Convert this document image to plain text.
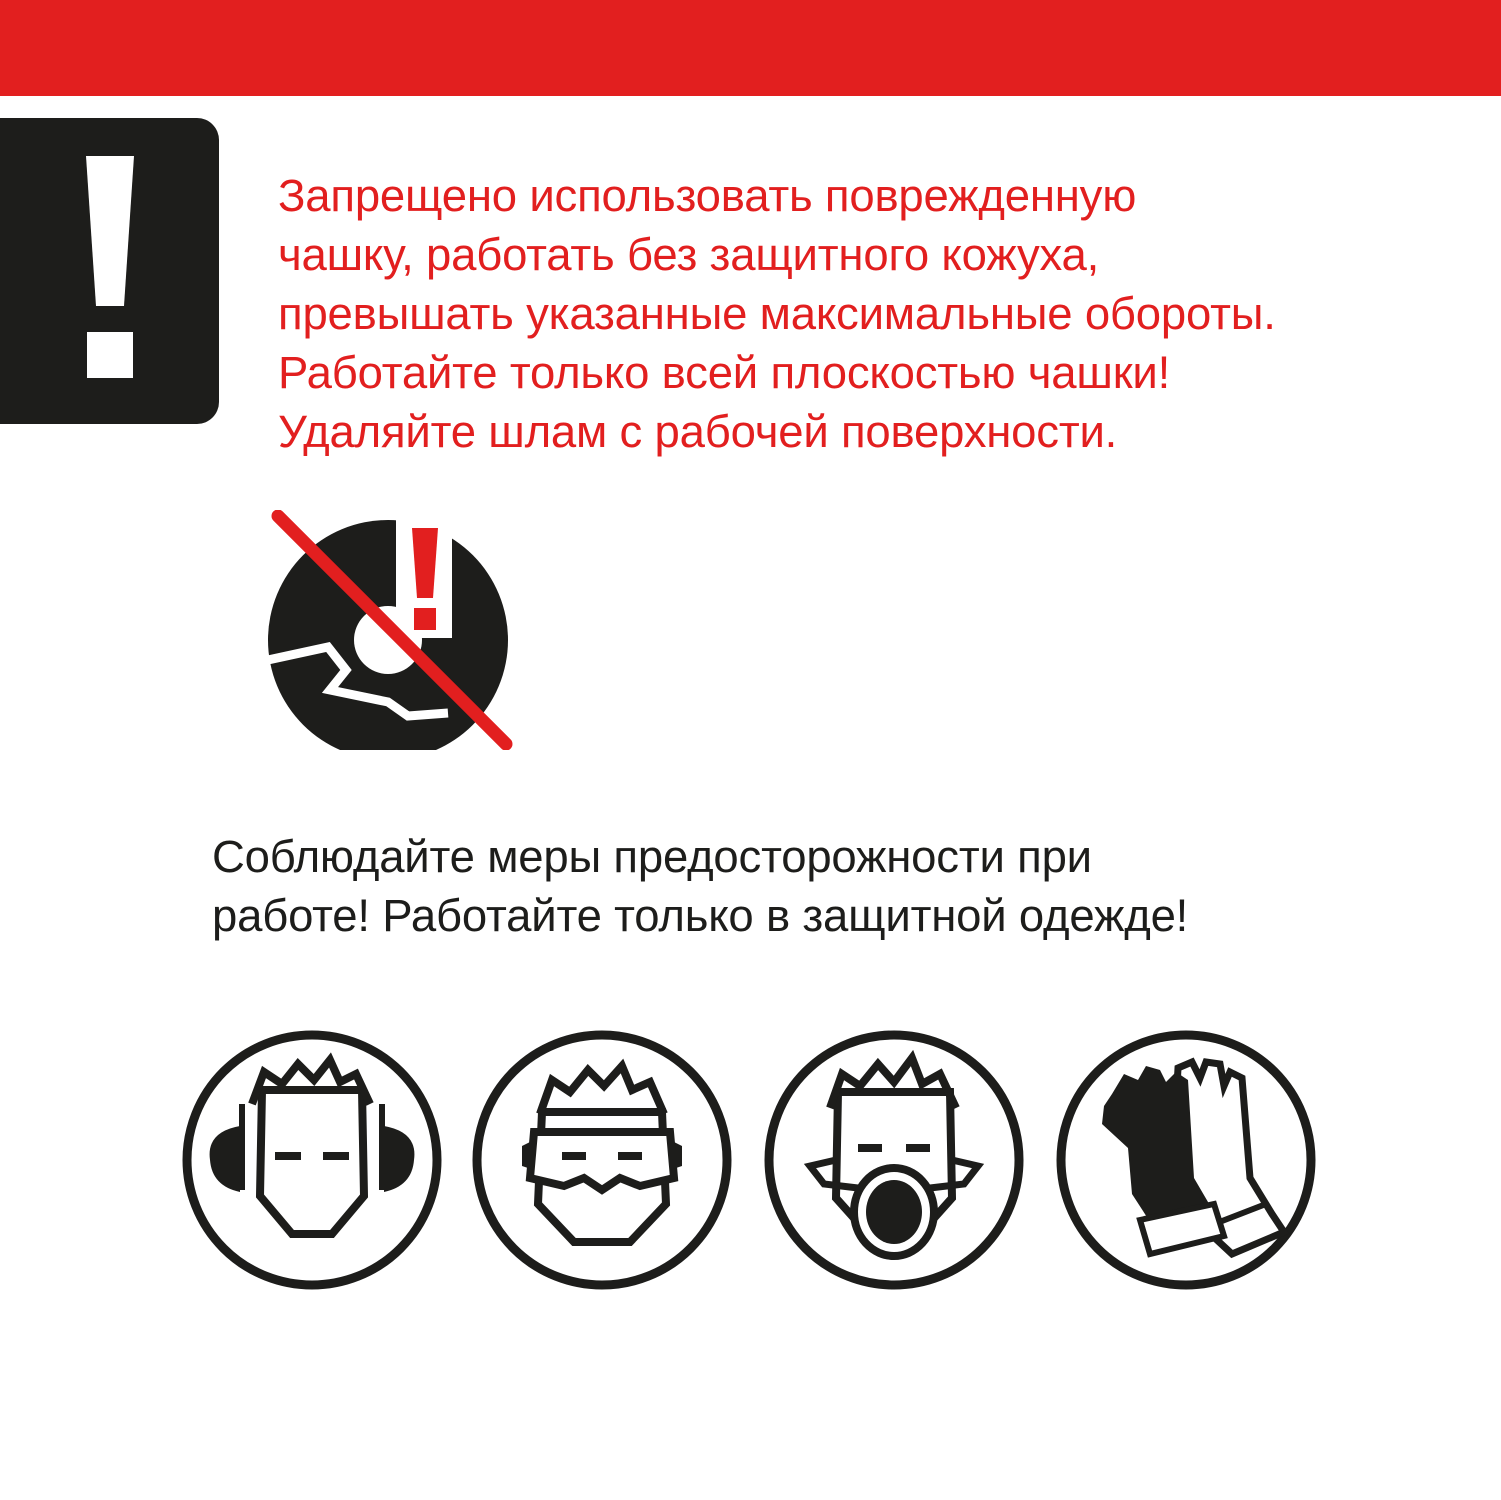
Запрещено использовать поврежденную
чашку, работать без защитного кожуха,
превышать указанные максимальные обороты.
Работайте только всей плоскостью чашки!
Удаляйте шлам с рабочей поверхности.

Соблюдайте меры предосторожности при
работе! Работайте только в защитной одежде!
